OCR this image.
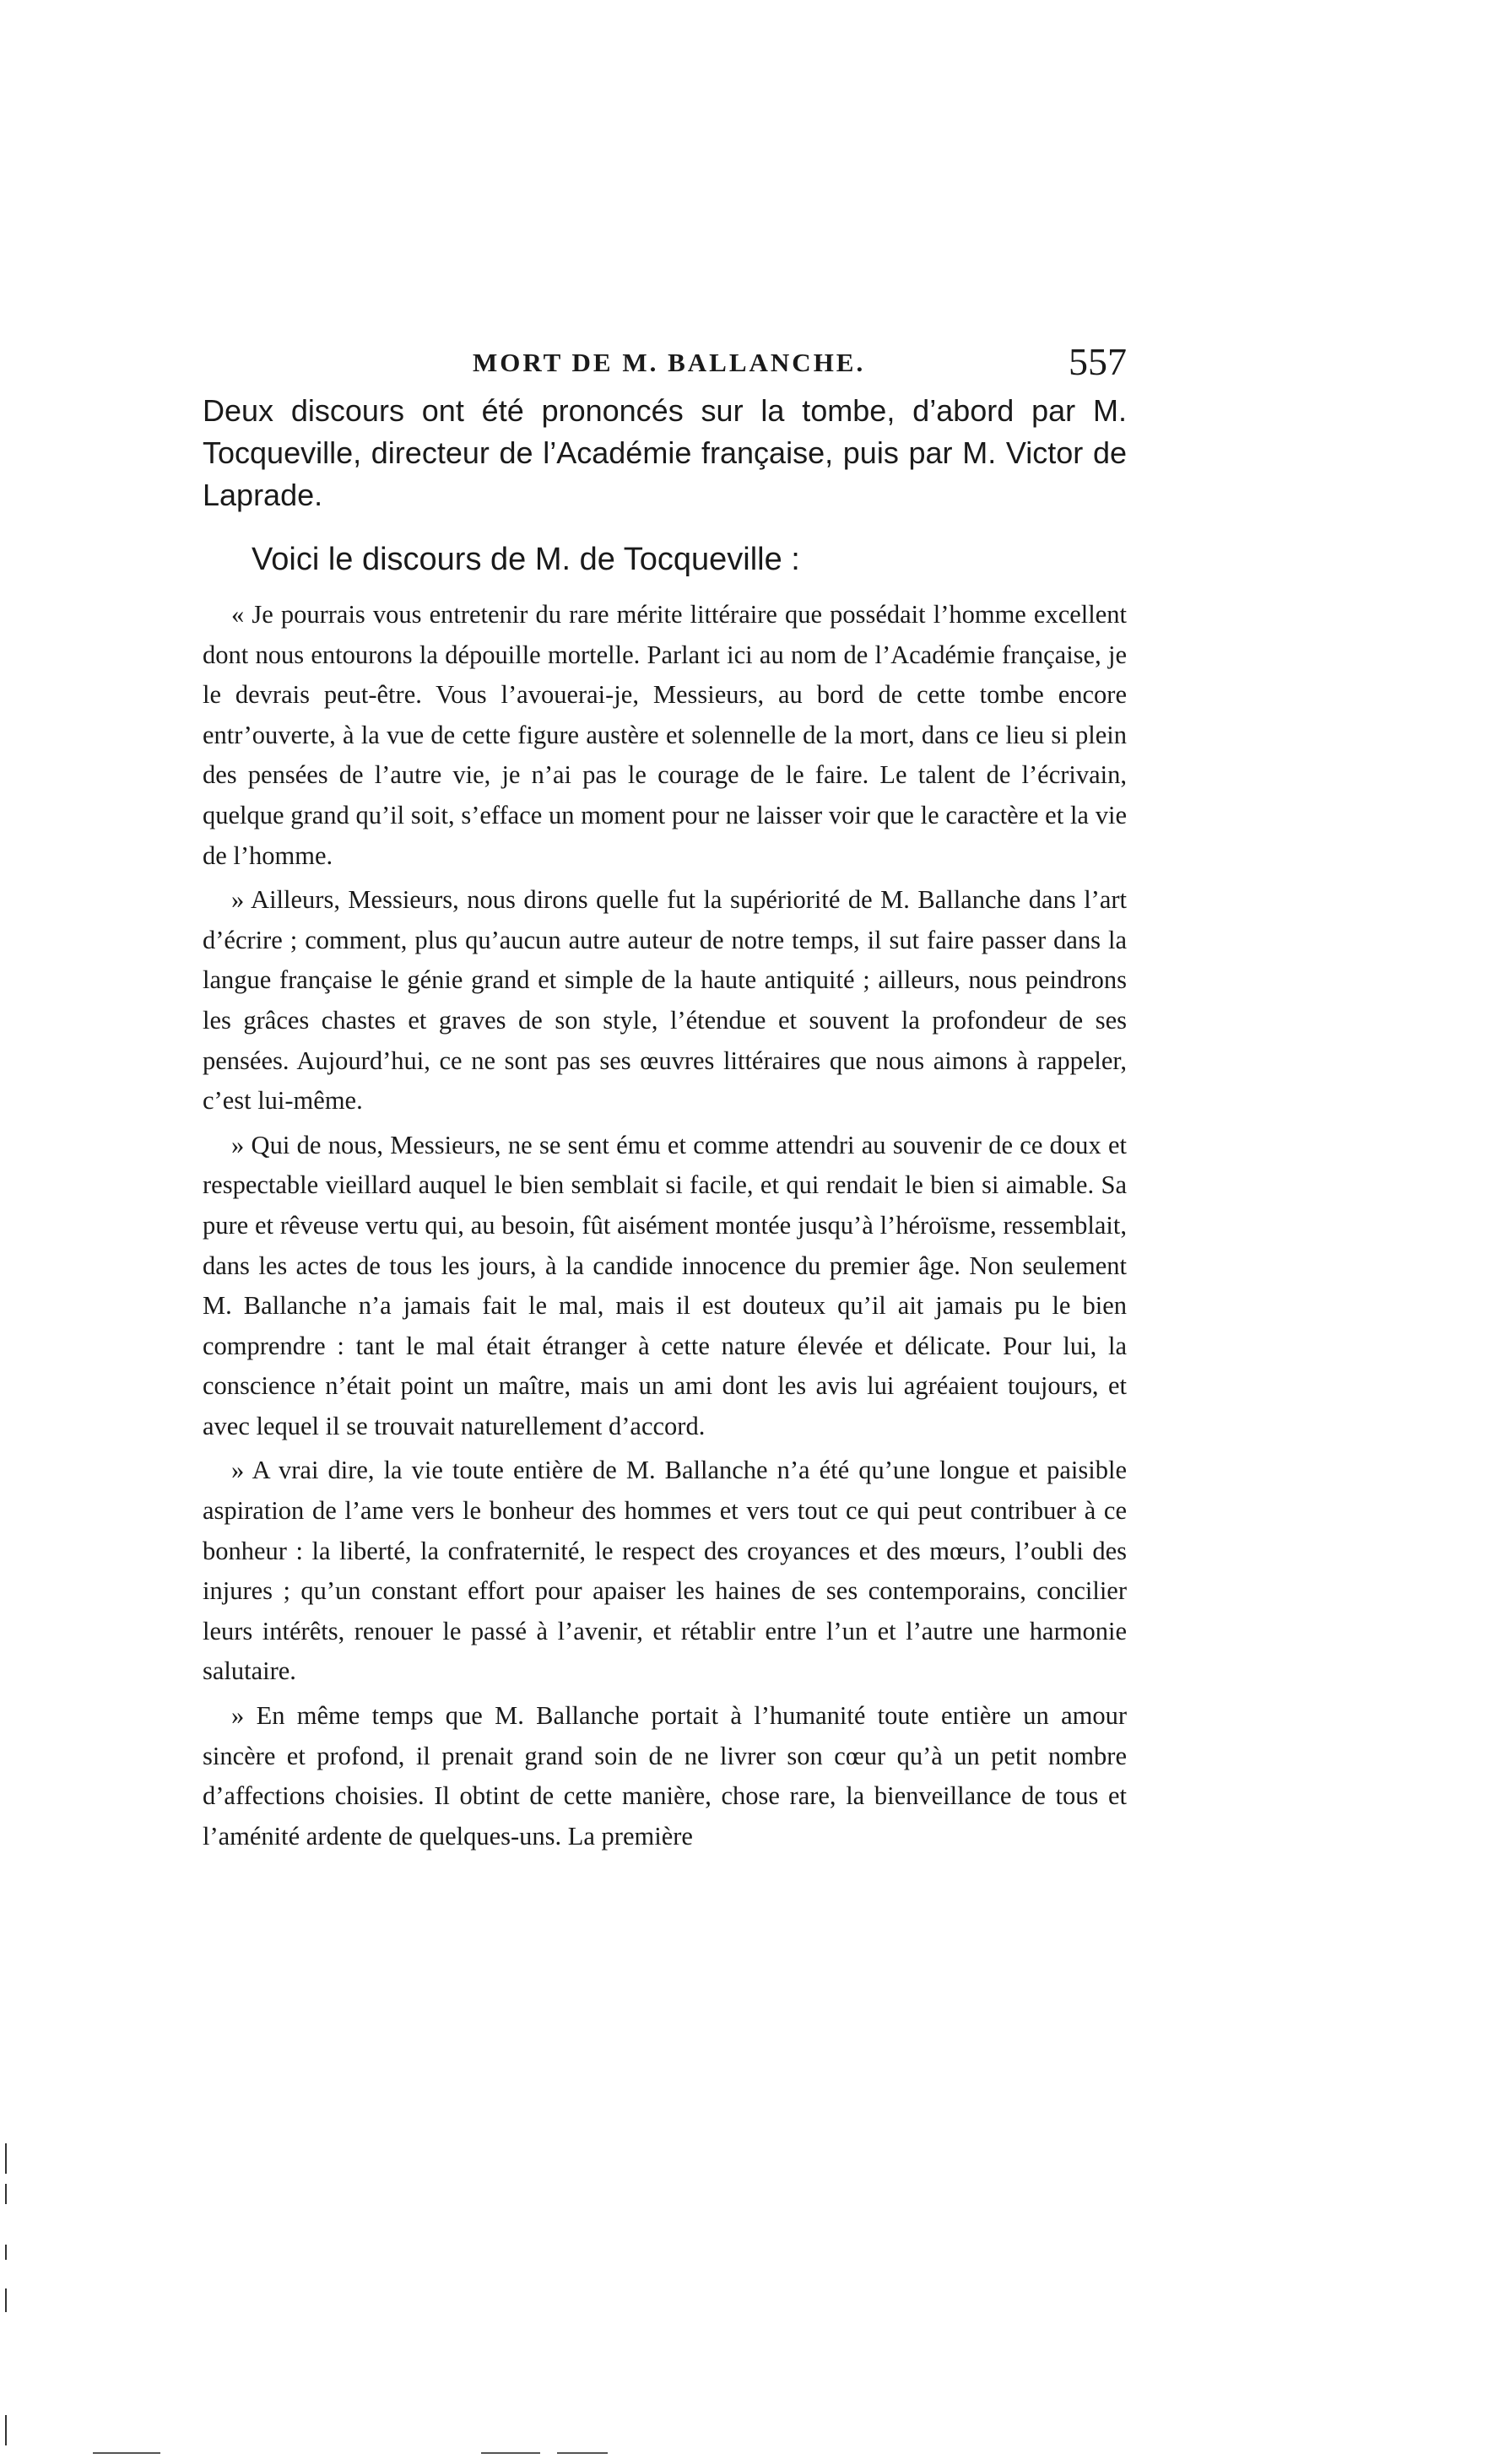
MORT DE M. BALLANCHE.	557
Deux discours ont été prononcés sur la tombe, d’abord par M. Tocqueville, directeur de l’Académie française, puis par M. Victor de Laprade.
Voici le discours de M. de Tocqueville :

« Je pourrais vous entretenir du rare mérite littéraire que possédait l’homme excellent dont nous entourons la dépouille mortelle. Parlant ici au nom de l’Académie française, je le devrais peut-être. Vous l’avouerai-je, Messieurs, au bord de cette tombe encore entr’ouverte, à la vue de cette figure austère et solennelle de la mort, dans ce lieu si plein des pensées de l’autre vie, je n’ai pas le courage de le faire. Le talent de l’écrivain, quelque grand qu’il soit, s’efface un moment pour ne laisser voir que le caractère et la vie de l’homme.

» Ailleurs, Messieurs, nous dirons quelle fut la supériorité de M. Ballanche dans l’art d’écrire ; comment, plus qu’aucun autre auteur de notre temps, il sut faire passer dans la langue française le génie grand et simple de la haute antiquité ; ailleurs, nous peindrons les grâces chastes et graves de son style, l’étendue et souvent la profondeur de ses pensées. Aujourd’hui, ce ne sont pas ses œuvres littéraires que nous aimons à rappeler, c’est lui-même.

» Qui de nous, Messieurs, ne se sent ému et comme attendri au souvenir de ce doux et respectable vieillard auquel le bien semblait si facile, et qui rendait le bien si aimable. Sa pure et rêveuse vertu qui, au besoin, fût aisément montée jusqu’à l’héroïsme, ressemblait, dans les actes de tous les jours, à la candide innocence du premier âge. Non seulement M. Ballanche n’a jamais fait le mal, mais il est douteux qu’il ait jamais pu le bien comprendre : tant le mal était étranger à cette nature élevée et délicate. Pour lui, la conscience n’était point un maître, mais un ami dont les avis lui agréaient toujours, et avec lequel il se trouvait naturellement d’accord.

» A vrai dire, la vie toute entière de M. Ballanche n’a été qu’une longue et paisible aspiration de l’ame vers le bonheur des hommes et vers tout ce qui peut contribuer à ce bonheur : la liberté, la confraternité, le respect des croyances et des mœurs, l’oubli des injures ; qu’un constant effort pour apaiser les haines de ses contemporains, concilier leurs intérêts, renouer le passé à l’avenir, et rétablir entre l’un et l’autre une harmonie salutaire.

» En même temps que M. Ballanche portait à l’humanité toute entière un amour sincère et profond, il prenait grand soin de ne livrer son cœur qu’à un petit nombre d’affections choisies. Il obtint de cette manière, chose rare, la bienveillance de tous et l’aménité ardente de quelques-uns. La première
